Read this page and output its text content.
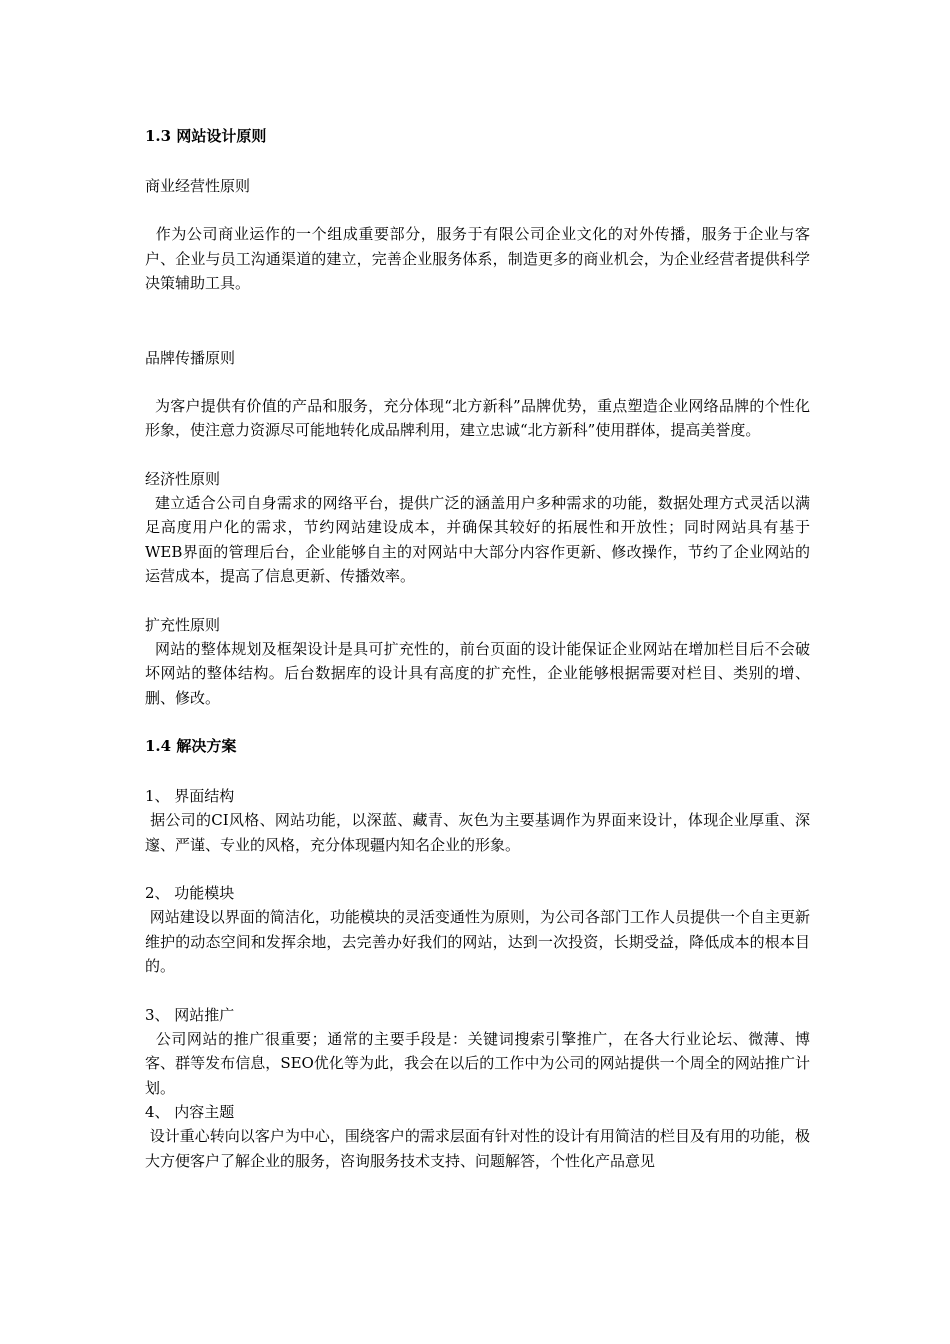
1.3 网站设计原则

商业经营性原则

作为公司商业运作的一个组成重要部分，服务于有限公司企业文化的对外传播，服务于企业与客户、企业与员工沟通渠道的建立，完善企业服务体系，制造更多的商业机会，为企业经营者提供科学决策辅助工具。

品牌传播原则

为客户提供有价值的产品和服务，充分体现“北方新科”品牌优势，重点塑造企业网络品牌的个性化形象，使注意力资源尽可能地转化成品牌利用，建立忠诚“北方新科”使用群体，提高美誉度。

经济性原则

建立适合公司自身需求的网络平台，提供广泛的涵盖用户多种需求的功能，数据处理方式灵活以满足高度用户化的需求，节约网站建设成本，并确保其较好的拓展性和开放性；同时网站具有基于WEB界面的管理后台，企业能够自主的对网站中大部分内容作更新、修改操作，节约了企业网站的运营成本，提高了信息更新、传播效率。

扩充性原则

网站的整体规划及框架设计是具可扩充性的，前台页面的设计能保证企业网站在增加栏目后不会破坏网站的整体结构。后台数据库的设计具有高度的扩充性，企业能够根据需要对栏目、类别的增、删、修改。

1.4 解决方案

1、 界面结构

据公司的CI风格、网站功能，以深蓝、藏青、灰色为主要基调作为界面来设计，体现企业厚重、深邃、严谨、专业的风格，充分体现疆内知名企业的形象。

2、 功能模块

网站建设以界面的简洁化，功能模块的灵活变通性为原则，为公司各部门工作人员提供一个自主更新维护的动态空间和发挥余地，去完善办好我们的网站，达到一次投资，长期受益，降低成本的根本目的。

3、 网站推广

公司网站的推广很重要；通常的主要手段是：关键词搜索引擎推广，在各大行业论坛、微薄、博客、群等发布信息，SEO优化等为此，我会在以后的工作中为公司的网站提供一个周全的网站推广计划。

4、 内容主题

设计重心转向以客户为中心，围绕客户的需求层面有针对性的设计有用简洁的栏目及有用的功能，极大方便客户了解企业的服务，咨询服务技术支持、问题解答，个性化产品意见
